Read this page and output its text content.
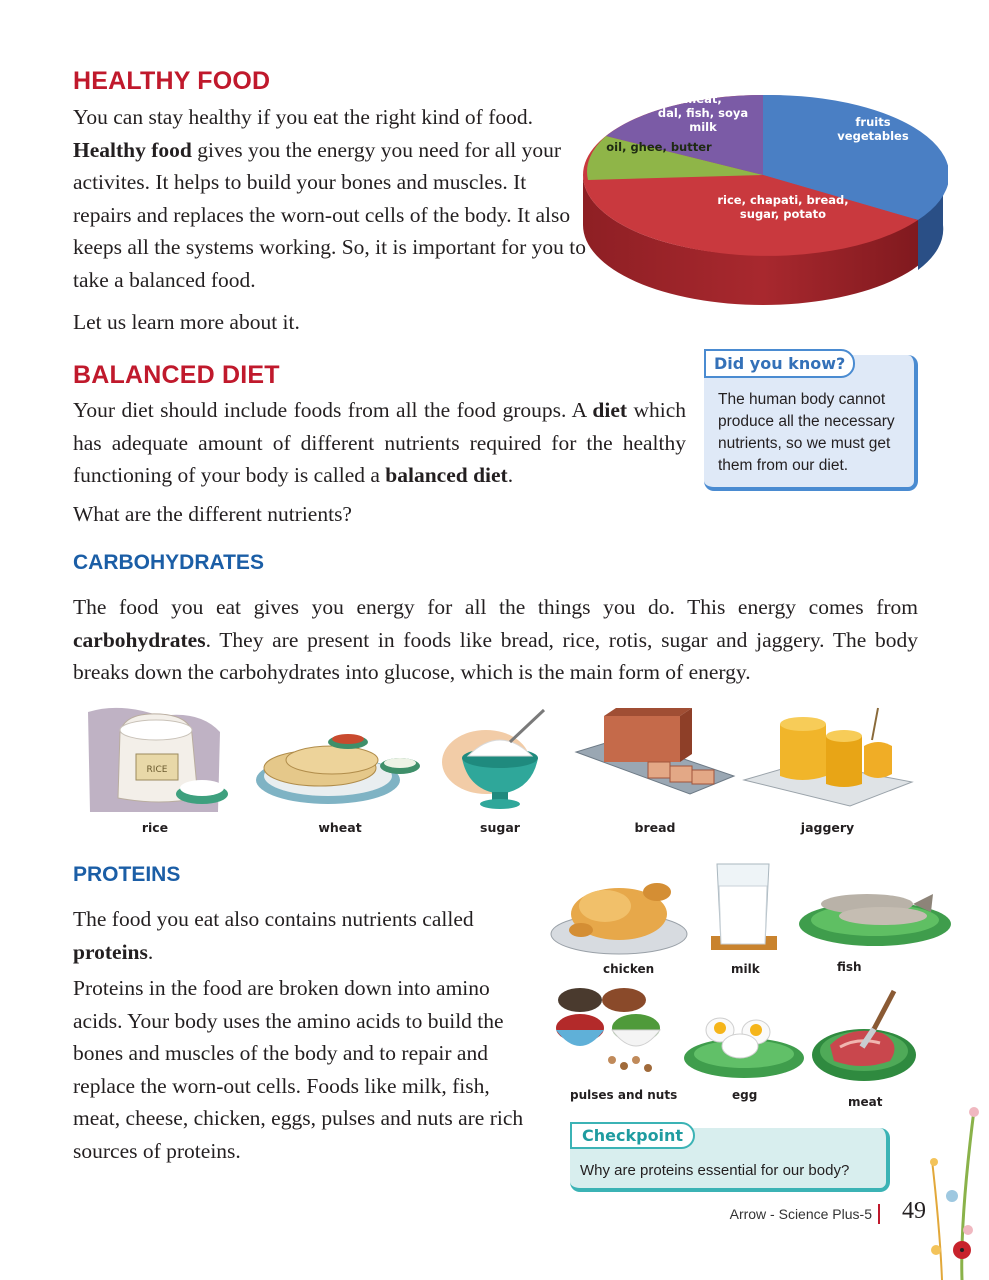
HEALTHY FOOD
You can stay healthy if you eat the right kind of food. Healthy food gives you the energy you need for all your activites. It helps to build your bones and muscles. It repairs and replaces the worn-out cells of the body. It also keeps all the systems working. So, it is important for you to take a balanced food.
Let us learn more about it.
fruits
vegetables
rice, chapati, bread,
sugar, potato
oil, ghee, butter
milk, eggs, meat,
dal, fish, soya
milk
BALANCED DIET
Your diet should include foods from all the food groups. A diet which has adequate amount of different nutrients required for the healthy functioning of your body is called a balanced diet.
What are the different nutrients?
Did you know?
The human body cannot produce all the necessary nutrients, so we must get them from our diet.
CARBOHYDRATES
The food you eat gives you energy for all the things you do. This energy comes from carbohydrates. They are present in foods like bread, rice, rotis, sugar and jaggery. The body breaks down the carbohydrates into glucose, which is the main form of energy.
RICE
rice	wheat	sugar	bread	jaggery
PROTEINS
The food you eat also contains nutrients called proteins.
Proteins in the food are broken down into amino acids. Your body uses the amino acids to build the bones and muscles of the body and to repair and replace the worn-out cells. Foods like milk, fish, meat, cheese, chicken, eggs, pulses and nuts are rich sources of proteins.
chicken	milk	fish
pulses and nuts	egg	meat
Checkpoint
Why are proteins essential for our body?
Arrow - Science Plus-5 49
